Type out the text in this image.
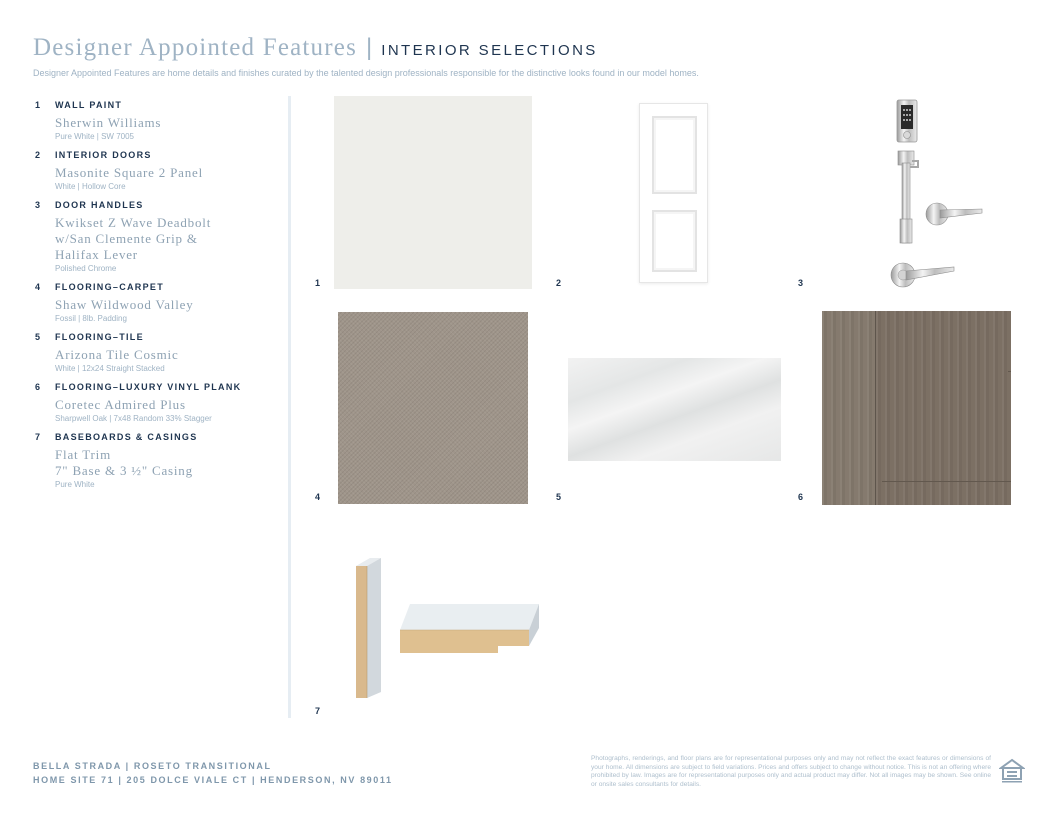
Designer Appointed Features | INTERIOR SELECTIONS
Designer Appointed Features are home details and finishes curated by the talented design professionals responsible for the distinctive looks found in our model homes.
1	WALL PAINT
Sherwin Williams
Pure White | SW 7005
2	INTERIOR DOORS
Masonite Square 2 Panel
White | Hollow Core
3	DOOR HANDLES
Kwikset Z Wave Deadbolt w/San Clemente Grip & Halifax Lever
Polished Chrome
4	FLOORING–CARPET
Shaw Wildwood Valley
Fossil | 8lb. Padding
5	FLOORING–TILE
Arizona Tile Cosmic
White | 12x24 Straight Stacked
6	FLOORING–LUXURY VINYL PLANK
Coretec Admired Plus
Sharpwell Oak | 7x48 Random 33% Stagger
7	BASEBOARDS & CASINGS
Flat Trim
7" Base & 3 ½" Casing
Pure White
1	2	3
4	5	6
7
BELLA STRADA | ROSETO TRANSITIONAL
HOME SITE 71 | 205 DOLCE VIALE CT | HENDERSON, NV 89011
Photographs, renderings, and floor plans are for representational purposes only and may not reflect the exact features or dimensions of your home. All dimensions are subject to field variations. Prices and offers subject to change without notice. This is not an offering where prohibited by law. Images are for representational purposes only and actual product may differ. Not all images may be shown. See online or onsite sales consultants for details.
